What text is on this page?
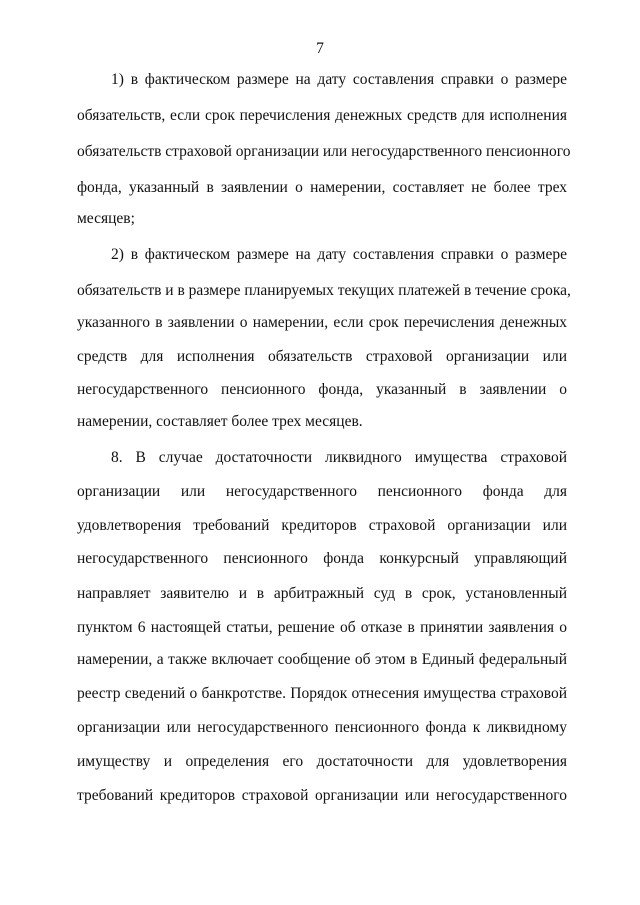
7
1) в фактическом размере на дату составления справки о размере
обязательств, если срок перечисления денежных средств для исполнения
обязательств страховой организации или негосударственного пенсионного
фонда, указанный в заявлении о намерении, составляет не более трех
месяцев;
2) в фактическом размере на дату составления справки о размере
обязательств и в размере планируемых текущих платежей в течение срока,
указанного в заявлении о намерении, если срок перечисления денежных
средств для исполнения обязательств страховой организации или
негосударственного пенсионного фонда, указанный в заявлении о
намерении, составляет более трех месяцев.
8. В случае достаточности ликвидного имущества страховой
организации или негосударственного пенсионного фонда для
удовлетворения требований кредиторов страховой организации или
негосударственного пенсионного фонда конкурсный управляющий
направляет заявителю и в арбитражный суд в срок, установленный
пунктом 6 настоящей статьи, решение об отказе в принятии заявления о
намерении, а также включает сообщение об этом в Единый федеральный
реестр сведений о банкротстве. Порядок отнесения имущества страховой
организации или негосударственного пенсионного фонда к ликвидному
имуществу и определения его достаточности для удовлетворения
требований кредиторов страховой организации или негосударственного
